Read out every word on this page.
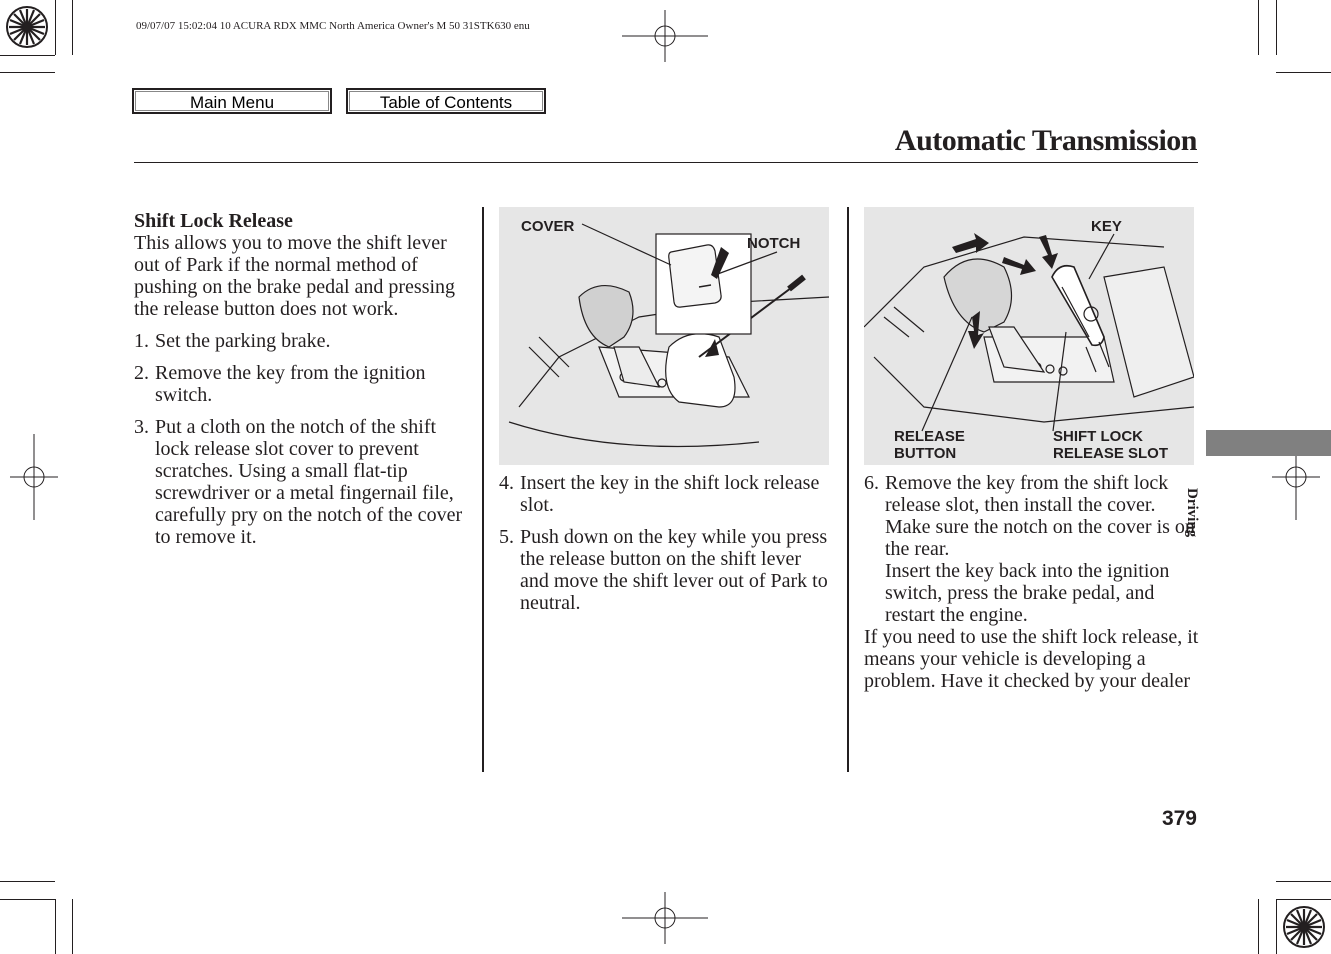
09/07/07 15:02:04 10 ACURA RDX MMC North America Owner's M 50 31STK630 enu
Main Menu	Table of Contents
Automatic Transmission

Shift Lock Release

This allows you to move the shift lever out of Park if the normal method of pushing on the brake pedal and pressing the release button does not work.

1. Set the parking brake.

2. Remove the key from the ignition switch.

3. Put a cloth on the notch of the shift lock release slot cover to prevent scratches. Using a small flat-tip screwdriver or a metal fingernail file, carefully pry on the notch of the cover to remove it.

COVER
NOTCH
4. Insert the key in the shift lock release slot.

5. Push down on the key while you press the release button on the shift lever and move the shift lever out of Park to neutral.

KEY
RELEASE
BUTTON
SHIFT LOCK
RELEASE SLOT
6. Remove the key from the shift lock release slot, then install the cover. Make sure the notch on the cover is on the rear.

Insert the key back into the ignition switch, press the brake pedal, and restart the engine.

If you need to use the shift lock release, it means your vehicle is developing a problem. Have it checked by your dealer

Driving
379
